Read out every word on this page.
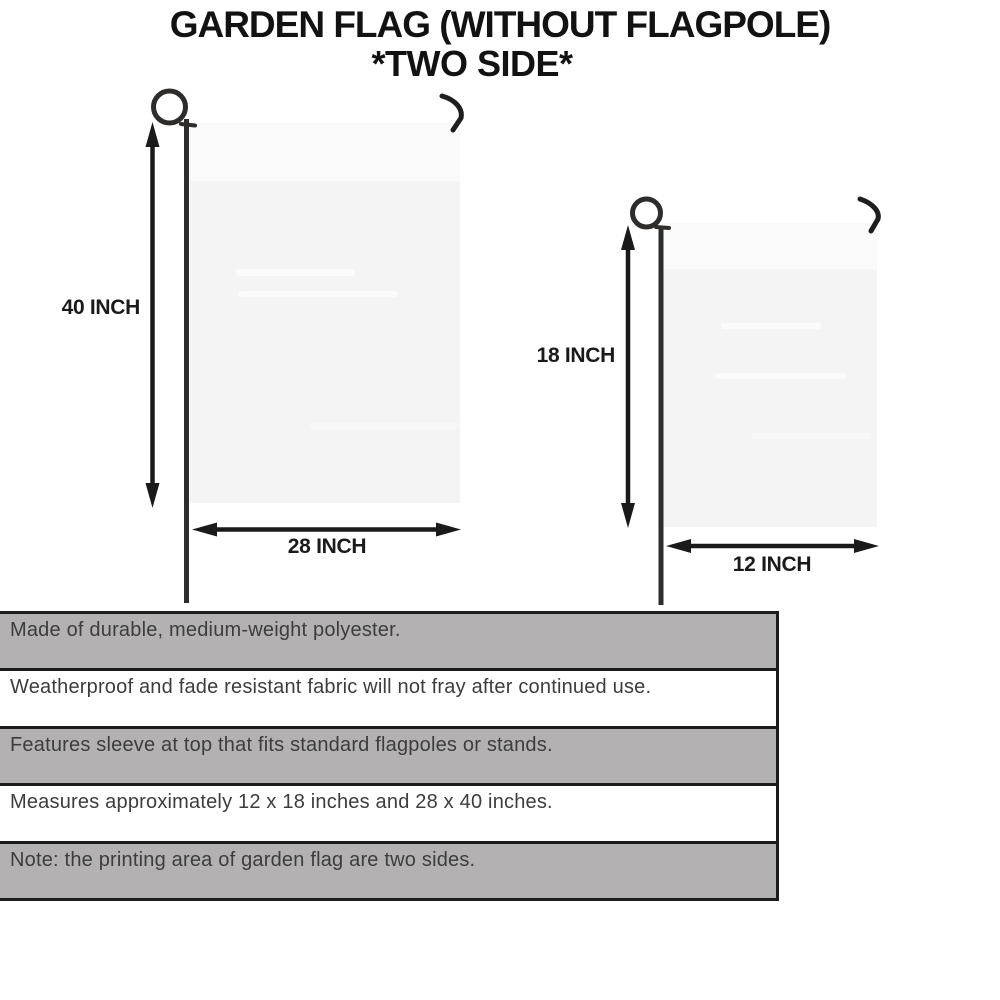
GARDEN FLAG (WITHOUT FLAGPOLE)
*TWO SIDE*
40 INCH
28 INCH
18 INCH
12 INCH
Made of durable, medium-weight polyester.
Weatherproof and fade resistant fabric will not fray after continued use.
Features sleeve at top that fits standard flagpoles or stands.
Measures approximately 12 x 18 inches and 28 x 40 inches.
Note: the printing area of garden flag are two sides.
